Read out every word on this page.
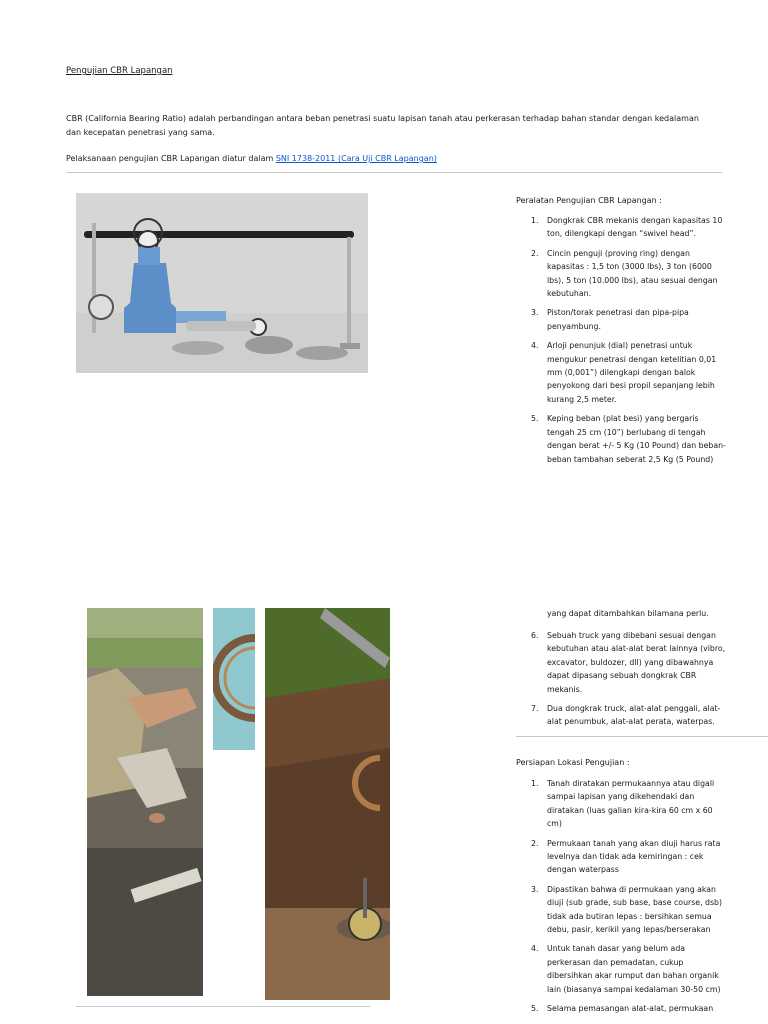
Pengujian CBR Lapangan
CBR (California Bearing Ratio) adalah perbandingan antara beban penetrasi suatu lapisan tanah atau perkerasan terhadap bahan standar dengan kedalaman dan kecepatan penetrasi yang sama.
Pelaksanaan pengujian CBR Lapangan diatur dalam SNI 1738-2011 (Cara Uji CBR Lapangan)
Peralatan Pengujian CBR Lapangan :
1. Dongkrak CBR mekanis dengan kapasitas 10 ton, dilengkapi dengan “swivel head”.
2. Cincin penguji (proving ring) dengan kapasitas : 1,5 ton (3000 lbs), 3 ton (6000 lbs), 5 ton (10.000 lbs), atau sesuai dengan kebutuhan.
3. Piston/torak penetrasi dan pipa-pipa penyambung.
4. Arloji penunjuk (dial) penetrasi untuk mengukur penetrasi dengan ketelitian 0,01 mm (0,001”) dilengkapi dengan balok penyokong dari besi propil sepanjang lebih kurang 2,5 meter.
5. Keping beban (plat besi) yang bergaris tengah 25 cm (10”) berlubang di tengah dengan berat +/- 5 Kg (10 Pound) dan beban-beban tambahan seberat 2,5 Kg (5 Pound)
yang dapat ditambahkan bilamana perlu.
6. Sebuah truck yang dibebani sesuai dengan kebutuhan atau alat-alat berat lainnya (vibro, excavator, buldozer, dll) yang dibawahnya dapat dipasang sebuah dongkrak CBR mekanis.
7. Dua dongkrak truck, alat-alat penggali, alat-alat penumbuk, alat-alat perata, waterpas.
Persiapan Lokasi Pengujian :
1. Tanah diratakan permukaannya atau digali sampai lapisan yang dikehendaki dan diratakan (luas galian kira-kira 60 cm x 60 cm)
2. Permukaan tanah yang akan diuji harus rata levelnya dan tidak ada kemiringan : cek dengan waterpass
3. Dipastikan bahwa di permukaan yang akan diuji (sub grade, sub base, base course, dsb) tidak ada butiran lepas : bersihkan semua debu, pasir, kerikil yang lepas/berserakan
4. Untuk tanah dasar yang belum ada perkerasan dan pemadatan, cukup dibersihkan akar rumput dan bahan organik lain (biasanya sampai kedalaman 30-50 cm)
5. Selama pemasangan alat-alat, permukaan
